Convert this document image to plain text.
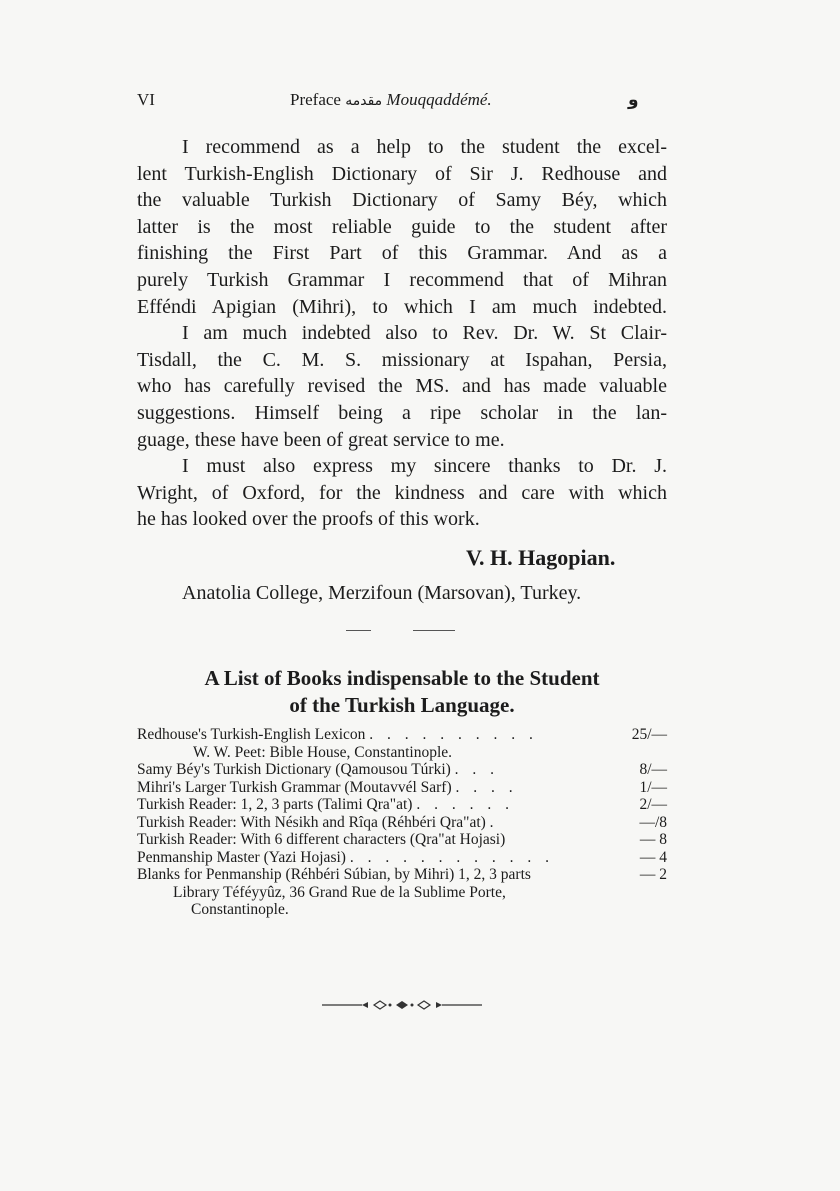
VI	Preface مقدمه Mouqqaddémé.	و
I recommend as a help to the student the excel-
lent Turkish-English Dictionary of Sir J. Redhouse and
the valuable Turkish Dictionary of Samy Béy, which
latter is the most reliable guide to the student after
finishing the First Part of this Grammar. And as a
purely Turkish Grammar I recommend that of Mihran
Efféndi Apigian (Mihri), to which I am much indebted.
I am much indebted also to Rev. Dr. W. St Clair-
Tisdall, the C. M. S. missionary at Ispahan, Persia,
who has carefully revised the MS. and has made valuable
suggestions. Himself being a ripe scholar in the lan-
guage, these have been of great service to me.
I must also express my sincere thanks to Dr. J.
Wright, of Oxford, for the kindness and care with which
he has looked over the proofs of this work.
V. H. Hagopian.
Anatolia College, Merzifoun (Marsovan), Turkey.
A List of Books indispensable to the Student
of the Turkish Language.
Redhouse's Turkish-English Lexicon . . . . . . . . . .	25/—
W. W. Peet: Bible House, Constantinople.
Samy Béy's Turkish Dictionary (Qamousou Túrki) . . .	8/—
Mihri's Larger Turkish Grammar (Moutavvél Sarf) . . . .	1/—
Turkish Reader: 1, 2, 3 parts (Talimi Qra"at) . . . . . .	2/—
Turkish Reader: With Nésikh and Rîqa (Réhbéri Qra"at) .	—/8
Turkish Reader: With 6 different characters (Qra"at Hojasi)	— 8
Penmanship Master (Yazi Hojasi) . . . . . . . . . . . .	— 4
Blanks for Penmanship (Réhbéri Súbian, by Mihri) 1, 2, 3 parts	— 2
Library Téféyyûz, 36 Grand Rue de la Sublime Porte,
Constantinople.
